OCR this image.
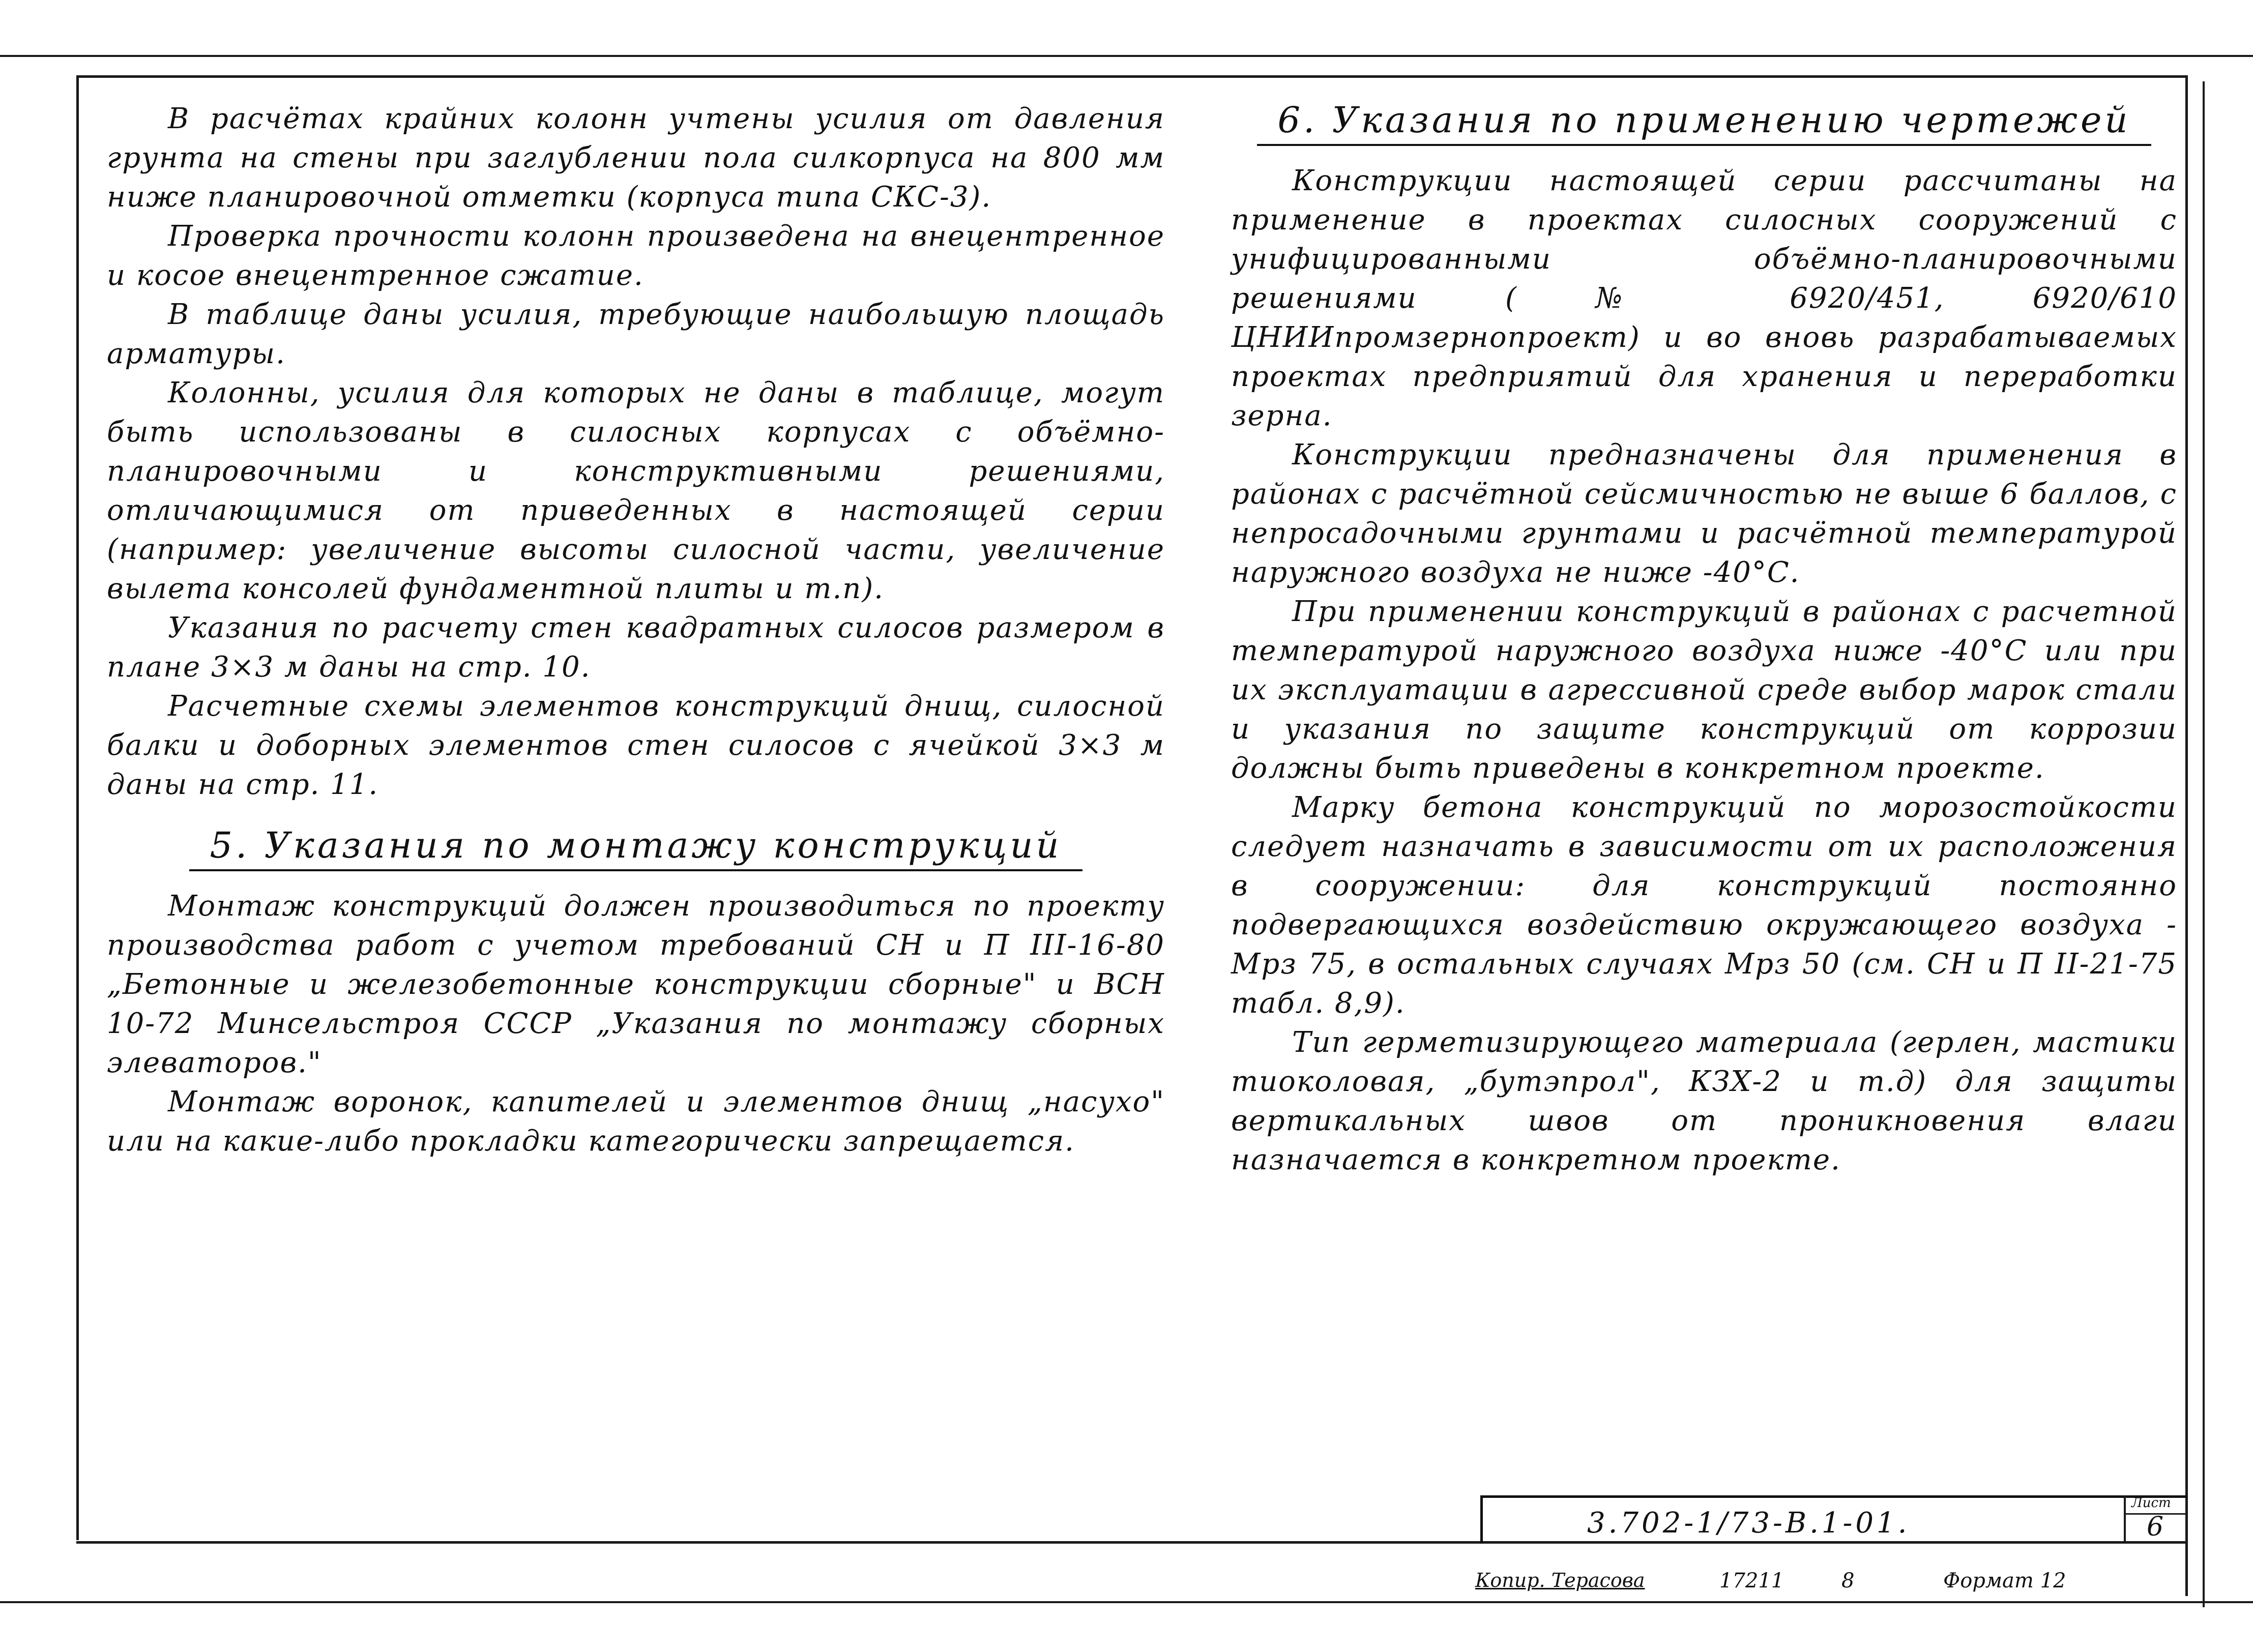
В расчётах крайних колонн учтены усилия от давления грунта на стены при заглублении пола силкорпуса на 800 мм ниже планировочной отметки (корпуса типа СКС-3).

Проверка прочности колонн произведена на внецентренное и косое внецентренное сжатие.

В таблице даны усилия, требующие наибольшую площадь арматуры.

Колонны, усилия для которых не даны в таблице, могут быть использованы в силосных корпусах с объёмно-планировочными и конструктивными решениями, отличающимися от приведенных в настоящей серии (например: увеличение высоты силосной части, увеличение вылета консолей фундаментной плиты и т.п).

Указания по расчету стен квадратных силосов размером в плане 3×3 м даны на стр. 10.

Расчетные схемы элементов конструкций днищ, силосной балки и доборных элементов стен силосов с ячейкой 3×3 м даны на стр. 11.

5. Указания по монтажу конструкций

Монтаж конструкций должен производиться по проекту производства работ с учетом требований СН и П III-16-80 „Бетонные и железобетонные конструкции сборные" и ВСН 10-72 Минсельстроя СССР „Указания по монтажу сборных элеваторов."

Монтаж воронок, капителей и элементов днищ „насухо" или на какие-либо прокладки категорически запрещается.

6. Указания по применению чертежей

Конструкции настоящей серии рассчитаны на применение в проектах силосных сооружений с унифицированными объёмно-планировочными решениями (№ 6920/451, 6920/610 ЦНИИпромзернопроект) и во вновь разрабатываемых проектах предприятий для хранения и переработки зерна.

Конструкции предназначены для применения в районах с расчётной сейсмичностью не выше 6 баллов, с непросадочными грунтами и расчётной температурой наружного воздуха не ниже -40°С.

При применении конструкций в районах с расчетной температурой наружного воздуха ниже -40°С или при их эксплуатации в агрессивной среде выбор марок стали и указания по защите конструкций от коррозии должны быть приведены в конкретном проекте.

Марку бетона конструкций по морозостойкости следует назначать в зависимости от их расположения в сооружении: для конструкций постоянно подвергающихся воздействию окружающего воздуха - Мрз 75, в остальных случаях Мрз 50 (см. СН и П II-21-75 табл. 8,9).

Тип герметизирующего материала (герлен, мастики тиоколовая, „бутэпрол", КЗХ-2 и т.д) для защиты вертикальных швов от проникновения влаги назначается в конкретном проекте.

3.702-1/73-В.1-01.
Лист
6
Копир. Терасова	17211	8	Формат 12
